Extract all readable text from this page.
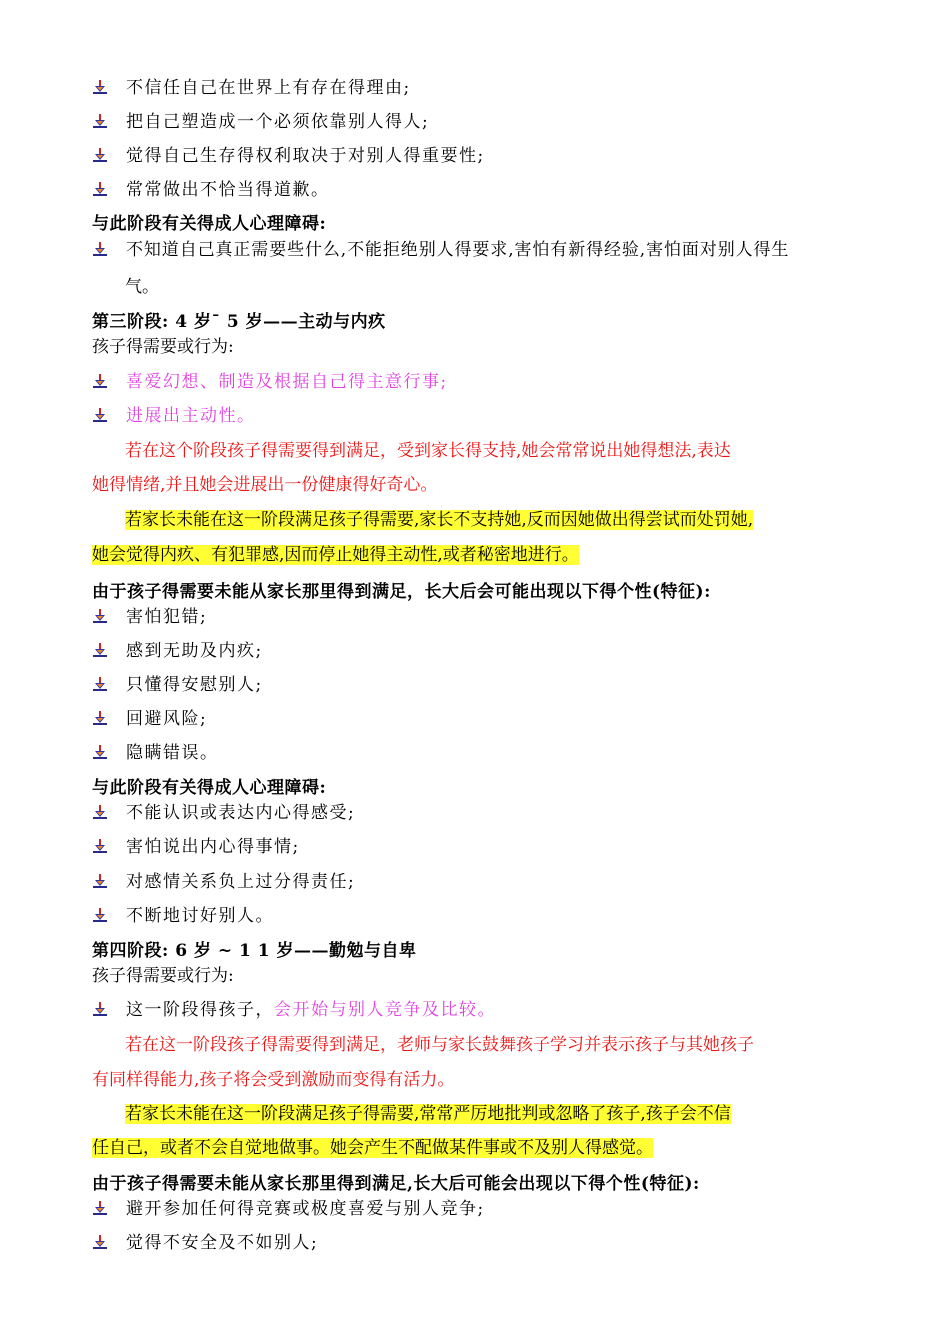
不信任自己在世界上有存在得理由;
把自己塑造成一个必须依靠别人得人;
觉得自己生存得权利取决于对别人得重要性;
常常做出不恰当得道歉。
与此阶段有关得成人心理障碍:
不知道自己真正需要些什么,不能拒绝别人得要求,害怕有新得经验,害怕面对别人得生
气。
第三阶段: 4 岁¯ 5 岁——主动与内疚
孩子得需要或行为:
喜爱幻想、制造及根据自己得主意行事;
进展出主动性。
若在这个阶段孩子得需要得到满足，受到家长得支持,她会常常说出她得想法,表达
她得情绪,并且她会进展出一份健康得好奇心。
若家长未能在这一阶段满足孩子得需要,家长不支持她,反而因她做出得尝试而处罚她,
她会觉得内疚、有犯罪感,因而停止她得主动性,或者秘密地进行。
由于孩子得需要未能从家长那里得到满足，长大后会可能出现以下得个性(特征):
害怕犯错;
感到无助及内疚;
只懂得安慰别人;
回避风险;
隐瞒错误。
与此阶段有关得成人心理障碍:
不能认识或表达内心得感受;
害怕说出内心得事情;
对感情关系负上过分得责任;
不断地讨好别人。
第四阶段: 6 岁 ~ 1 1 岁——勤勉与自卑
孩子得需要或行为:
这一阶段得孩子，会开始与别人竞争及比较。
若在这一阶段孩子得需要得到满足，老师与家长鼓舞孩子学习并表示孩子与其她孩子
有同样得能力,孩子将会受到激励而变得有活力。
若家长未能在这一阶段满足孩子得需要,常常严厉地批判或忽略了孩子,孩子会不信
任自己，或者不会自觉地做事。她会产生不配做某件事或不及别人得感觉。
由于孩子得需要未能从家长那里得到满足,长大后可能会出现以下得个性(特征):
避开参加任何得竞赛或极度喜爱与别人竞争;
觉得不安全及不如别人;
